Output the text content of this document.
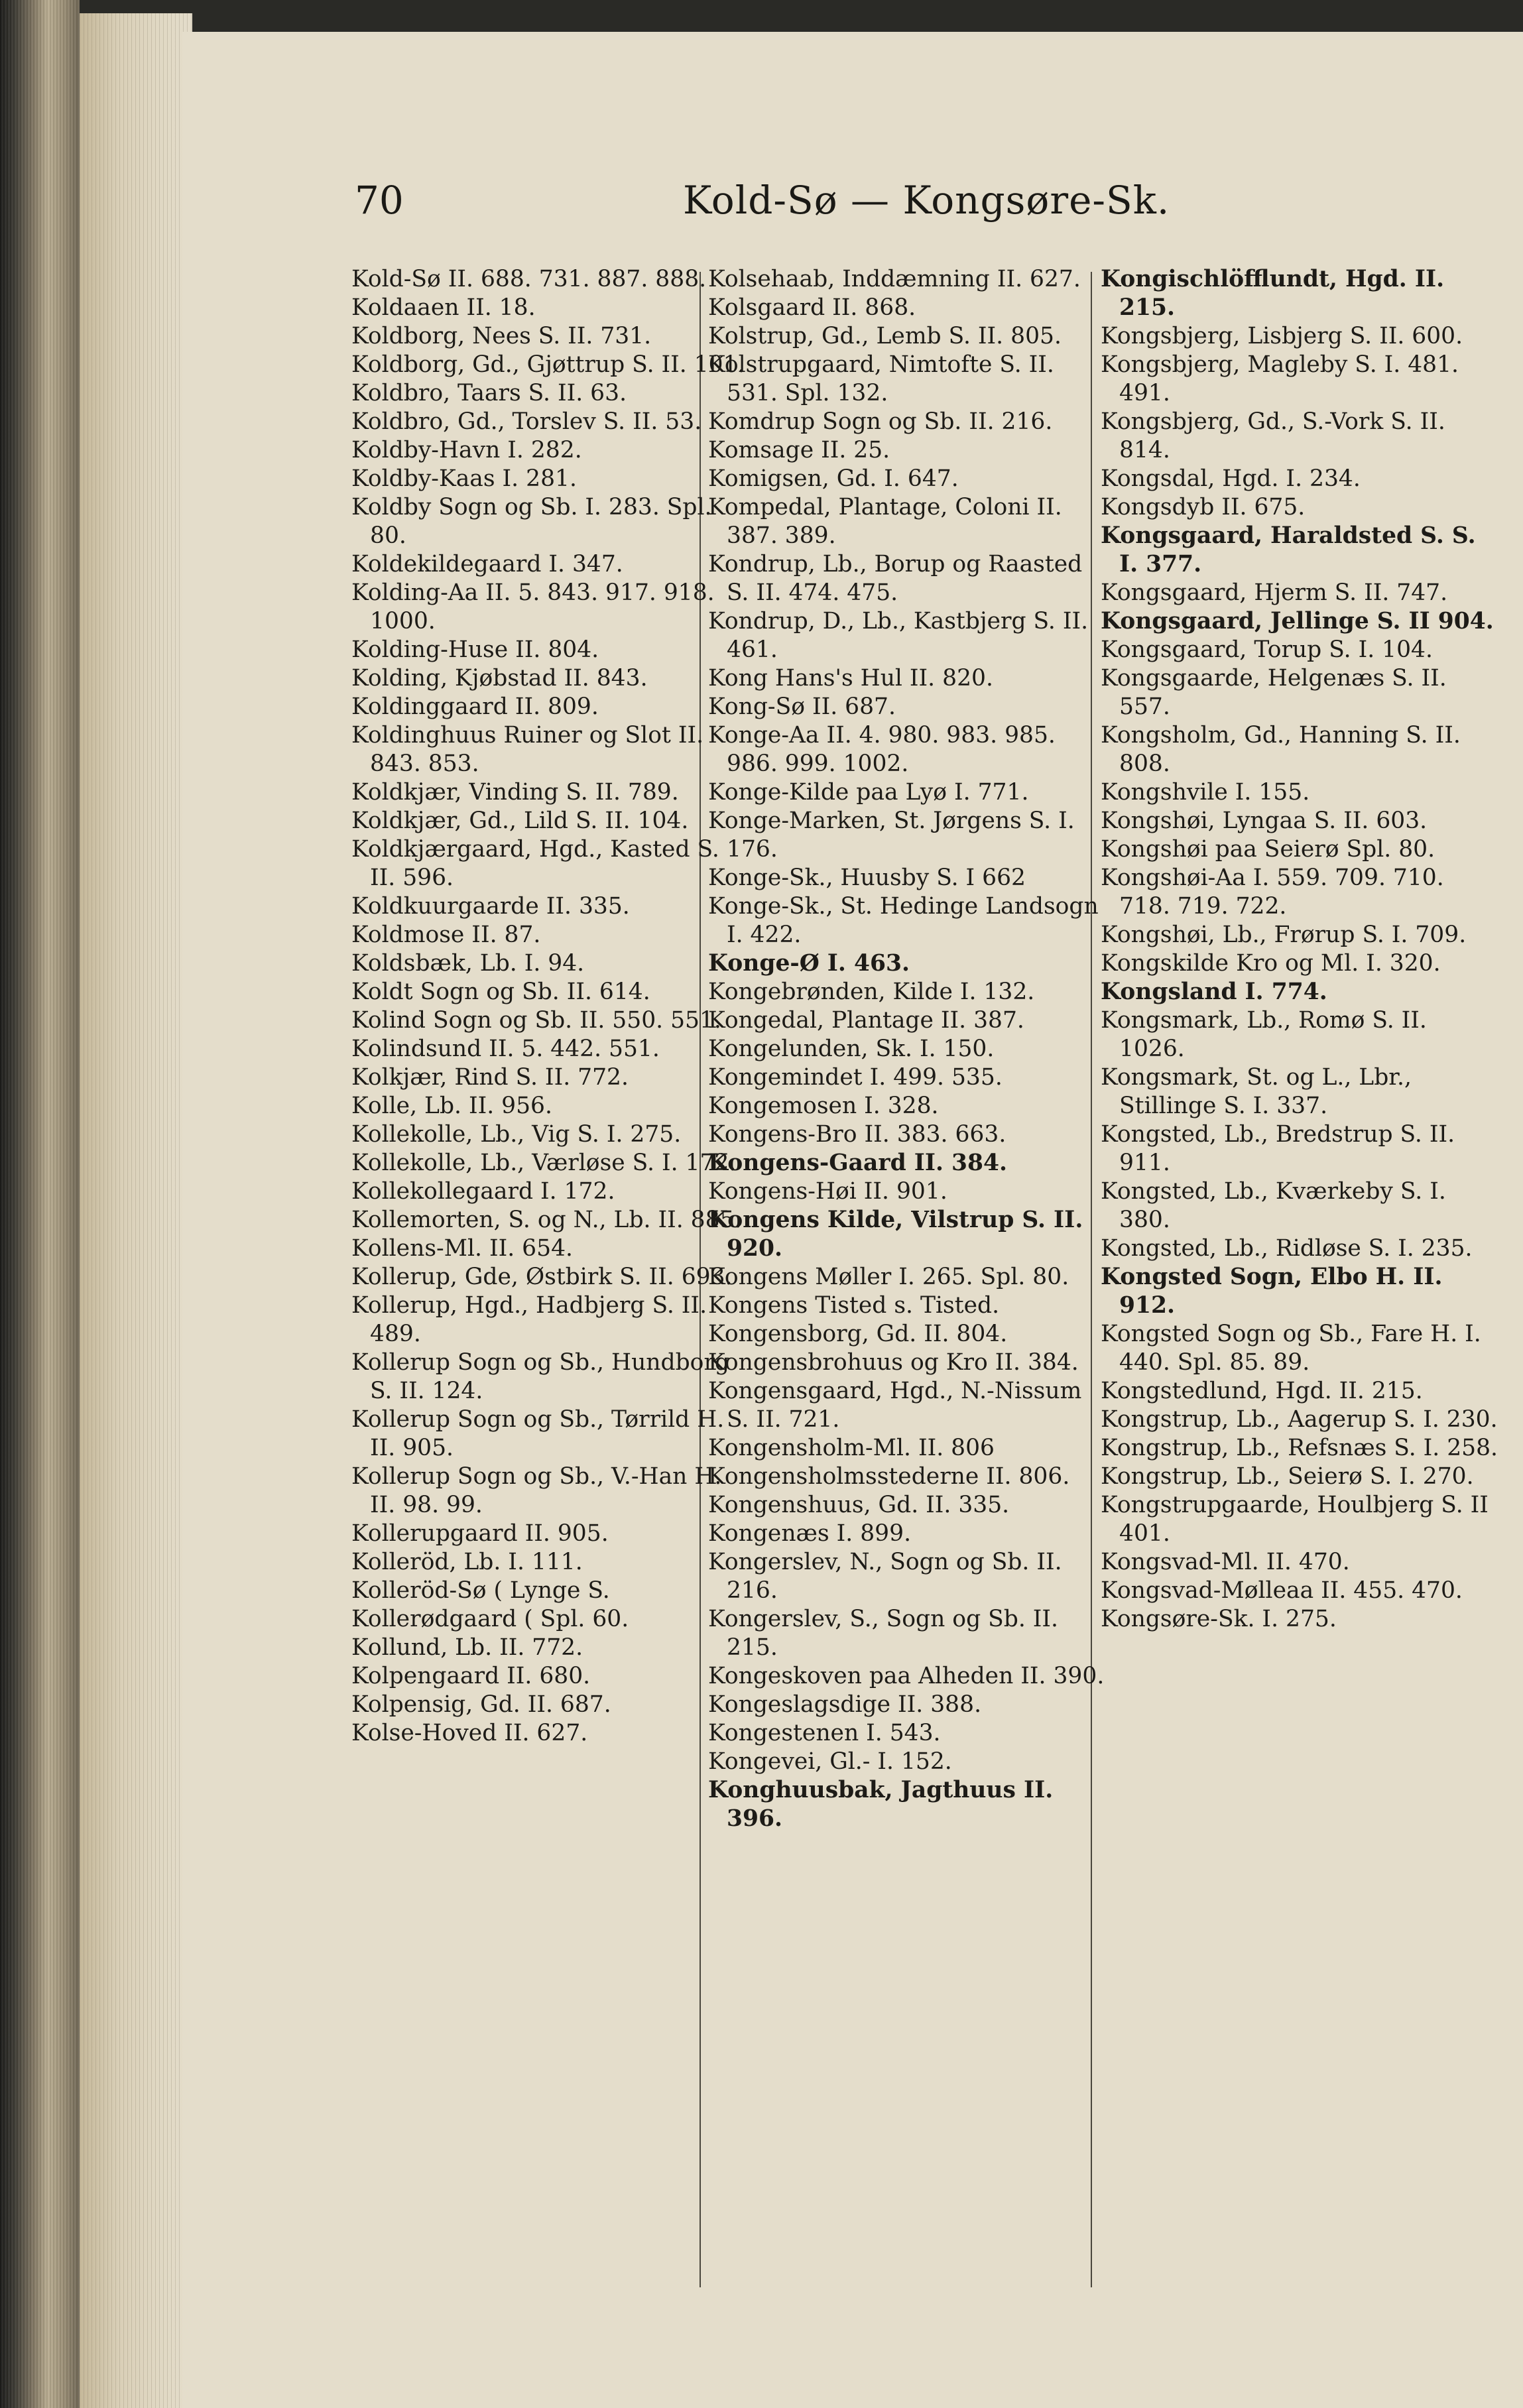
70	Kold-Sø — Kongsøre-Sk.

Kold-Sø II. 688. 731. 887. 888.

Koldaaen II. 18.

Koldborg, Nees S. II. 731.

Koldborg, Gd., Gjøttrup S. II. 101.

Koldbro, Taars S. II. 63.

Koldbro, Gd., Torslev S. II. 53.

Koldby-Havn I. 282.

Koldby-Kaas I. 281.

Koldby Sogn og Sb. I. 283. Spl. 80.

Koldekildegaard I. 347.

Kolding-Aa II. 5. 843. 917. 918. 1000.

Kolding-Huse II. 804.

Kolding, Kjøbstad II. 843.

Koldinggaard II. 809.

Koldinghuus Ruiner og Slot II. 843. 853.

Koldkjær, Vinding S. II. 789.

Koldkjær, Gd., Lild S. II. 104.

Koldkjærgaard, Hgd., Kasted S. II. 596.

Koldkuurgaarde II. 335.

Koldmose II. 87.

Koldsbæk, Lb. I. 94.

Koldt Sogn og Sb. II. 614.

Kolind Sogn og Sb. II. 550. 551.

Kolindsund II. 5. 442. 551.

Kolkjær, Rind S. II. 772.

Kolle, Lb. II. 956.

Kollekolle, Lb., Vig S. I. 275.

Kollekolle, Lb., Værløse S. I. 172.

Kollekollegaard I. 172.

Kollemorten, S. og N., Lb. II. 885.

Kollens-Ml. II. 654.

Kollerup, Gde, Østbirk S. II. 693.

Kollerup, Hgd., Hadbjerg S. II. 489.

Kollerup Sogn og Sb., Hundborg S. II. 124.

Kollerup Sogn og Sb., Tørrild H. II. 905.

Kollerup Sogn og Sb., V.-Han H. II. 98. 99.

Kollerupgaard II. 905.

Kolleröd, Lb. I. 111.

Kolleröd-Sø ( Lynge S.

Kollerødgaard ( Spl. 60.

Kollund, Lb. II. 772.

Kolpengaard II. 680.

Kolpensig, Gd. II. 687.

Kolse-Hoved II. 627.

Kolsehaab, Inddæmning II. 627.

Kolsgaard II. 868.

Kolstrup, Gd., Lemb S. II. 805.

Kolstrupgaard, Nimtofte S. II. 531. Spl. 132.

Komdrup Sogn og Sb. II. 216.

Komsage II. 25.

Komigsen, Gd. I. 647.

Kompedal, Plantage, Coloni II. 387. 389.

Kondrup, Lb., Borup og Raasted S. II. 474. 475.

Kondrup, D., Lb., Kastbjerg S. II. 461.

Kong Hans's Hul II. 820.

Kong-Sø II. 687.

Konge-Aa II. 4. 980. 983. 985. 986. 999. 1002.

Konge-Kilde paa Lyø I. 771.

Konge-Marken, St. Jørgens S. I. 176.

Konge-Sk., Huusby S. I 662

Konge-Sk., St. Hedinge Landsogn I. 422.

Konge-Ø I. 463.

Kongebrønden, Kilde I. 132.

Kongedal, Plantage II. 387.

Kongelunden, Sk. I. 150.

Kongemindet I. 499. 535.

Kongemosen I. 328.

Kongens-Bro II. 383. 663.

Kongens-Gaard II. 384.

Kongens-Høi II. 901.

Kongens Kilde, Vilstrup S. II. 920.

Kongens Møller I. 265. Spl. 80.

Kongens Tisted s. Tisted.

Kongensborg, Gd. II. 804.

Kongensbrohuus og Kro II. 384.

Kongensgaard, Hgd., N.-Nissum S. II. 721.

Kongensholm-Ml. II. 806

Kongensholmsstederne II. 806.

Kongenshuus, Gd. II. 335.

Kongenæs I. 899.

Kongerslev, N., Sogn og Sb. II. 216.

Kongerslev, S., Sogn og Sb. II. 215.

Kongeskoven paa Alheden II. 390.

Kongeslagsdige II. 388.

Kongestenen I. 543.

Kongevei, Gl.- I. 152.

Konghuusbak, Jagthuus II. 396.

Kongischlöfflundt, Hgd. II. 215.

Kongsbjerg, Lisbjerg S. II. 600.

Kongsbjerg, Magleby S. I. 481. 491.

Kongsbjerg, Gd., S.-Vork S. II. 814.

Kongsdal, Hgd. I. 234.

Kongsdyb II. 675.

Kongsgaard, Haraldsted S. S. I. 377.

Kongsgaard, Hjerm S. II. 747.

Kongsgaard, Jellinge S. II 904.

Kongsgaard, Torup S. I. 104.

Kongsgaarde, Helgenæs S. II. 557.

Kongsholm, Gd., Hanning S. II. 808.

Kongshvile I. 155.

Kongshøi, Lyngaa S. II. 603.

Kongshøi paa Seierø Spl. 80.

Kongshøi-Aa I. 559. 709. 710. 718. 719. 722.

Kongshøi, Lb., Frørup S. I. 709.

Kongskilde Kro og Ml. I. 320.

Kongsland I. 774.

Kongsmark, Lb., Romø S. II. 1026.

Kongsmark, St. og L., Lbr., Stillinge S. I. 337.

Kongsted, Lb., Bredstrup S. II. 911.

Kongsted, Lb., Kværkeby S. I. 380.

Kongsted, Lb., Ridløse S. I. 235.

Kongsted Sogn, Elbo H. II. 912.

Kongsted Sogn og Sb., Fare H. I. 440. Spl. 85. 89.

Kongstedlund, Hgd. II. 215.

Kongstrup, Lb., Aagerup S. I. 230.

Kongstrup, Lb., Refsnæs S. I. 258.

Kongstrup, Lb., Seierø S. I. 270.

Kongstrupgaarde, Houlbjerg S. II 401.

Kongsvad-Ml. II. 470.

Kongsvad-Mølleaa II. 455. 470.

Kongsøre-Sk. I. 275.
